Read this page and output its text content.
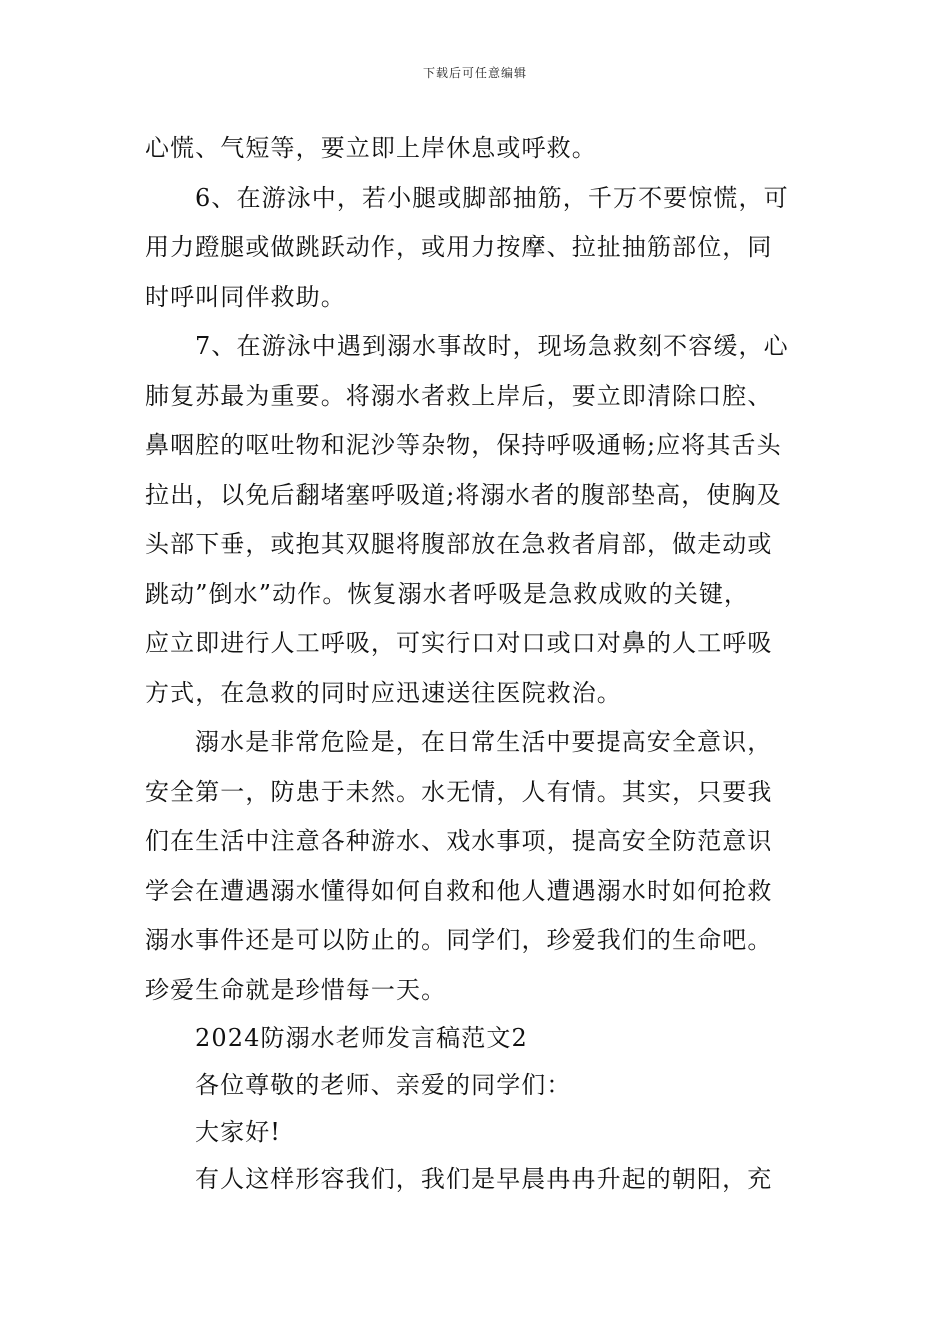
下载后可任意编辑
心慌、气短等，要立即上岸休息或呼救。
6、在游泳中，若小腿或脚部抽筋，千万不要惊慌，可
用力蹬腿或做跳跃动作，或用力按摩、拉扯抽筋部位，同
时呼叫同伴救助。
7、在游泳中遇到溺水事故时，现场急救刻不容缓，心
肺复苏最为重要。将溺水者救上岸后，要立即清除口腔、
鼻咽腔的呕吐物和泥沙等杂物，保持呼吸通畅;应将其舌头
拉出，以免后翻堵塞呼吸道;将溺水者的腹部垫高，使胸及
头部下垂，或抱其双腿将腹部放在急救者肩部，做走动或
跳动”倒水”动作。恢复溺水者呼吸是急救成败的关键，
应立即进行人工呼吸，可实行口对口或口对鼻的人工呼吸
方式，在急救的同时应迅速送往医院救治。
溺水是非常危险是，在日常生活中要提高安全意识，
安全第一，防患于未然。水无情，人有情。其实，只要我
们在生活中注意各种游水、戏水事项，提高安全防范意识
学会在遭遇溺水懂得如何自救和他人遭遇溺水时如何抢救
溺水事件还是可以防止的。同学们，珍爱我们的生命吧。
珍爱生命就是珍惜每一天。
2024防溺水老师发言稿范文2
各位尊敬的老师、亲爱的同学们：
大家好!
有人这样形容我们，我们是早晨冉冉升起的朝阳，充
